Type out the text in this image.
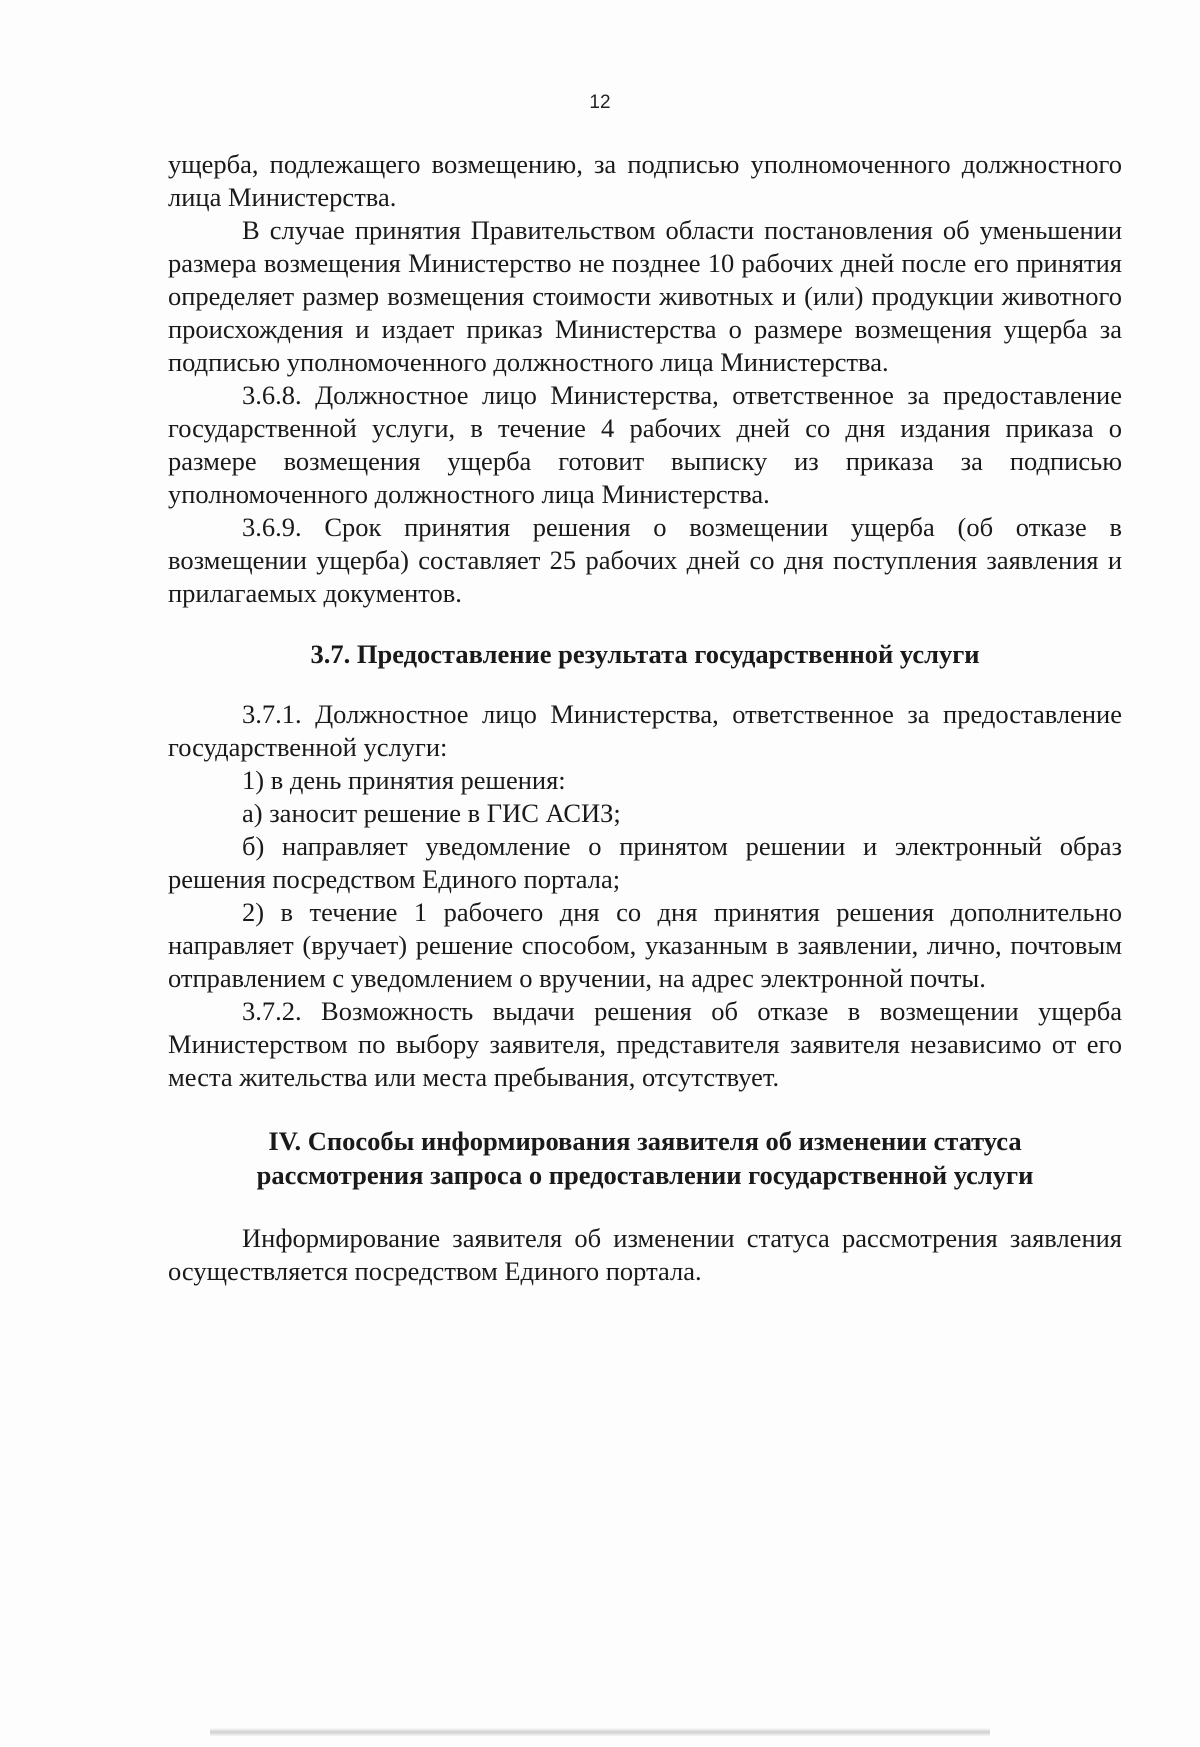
12

ущерба, подлежащего возмещению, за подписью уполномоченного должностного лица Министерства.

В случае принятия Правительством области постановления об уменьшении размера возмещения Министерство не позднее 10 рабочих дней после его принятия определяет размер возмещения стоимости животных и (или) продукции животного происхождения и издает приказ Министерства о размере возмещения ущерба за подписью уполномоченного должностного лица Министерства.

3.6.8. Должностное лицо Министерства, ответственное за предоставление государственной услуги, в течение 4 рабочих дней со дня издания приказа о размере возмещения ущерба готовит выписку из приказа за подписью уполномоченного должностного лица Министерства.

3.6.9. Срок принятия решения о возмещении ущерба (об отказе в возмещении ущерба) составляет 25 рабочих дней со дня поступления заявления и прилагаемых документов.

3.7. Предоставление результата государственной услуги

3.7.1. Должностное лицо Министерства, ответственное за предоставление государственной услуги:

1) в день принятия решения:

а) заносит решение в ГИС АСИЗ;

б) направляет уведомление о принятом решении и электронный образ решения посредством Единого портала;

2) в течение 1 рабочего дня со дня принятия решения дополнительно направляет (вручает) решение способом, указанным в заявлении, лично, почтовым отправлением с уведомлением о вручении, на адрес электронной почты.

3.7.2. Возможность выдачи решения об отказе в возмещении ущерба Министерством по выбору заявителя, представителя заявителя независимо от его места жительства или места пребывания, отсутствует.

IV. Способы информирования заявителя об изменении статуса
рассмотрения запроса о предоставлении государственной услуги

Информирование заявителя об изменении статуса рассмотрения заявления осуществляется посредством Единого портала.
